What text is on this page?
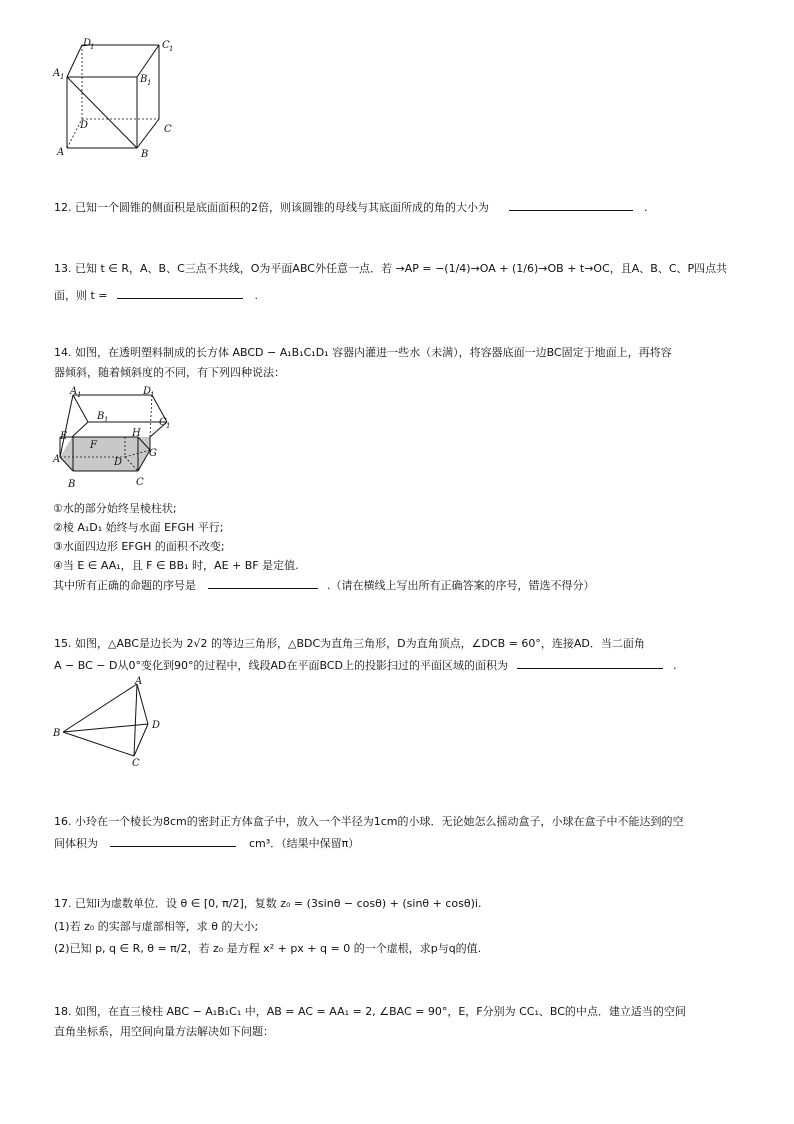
D
1	C 1
A 1	B 1
D	C
A	B
12. 已知一个圆锥的侧面积是底面面积的2倍，则该圆锥的母线与其底面所成的角的大小为	.
13. 已知 t ∈ R，A、B、C三点不共线，O为平面ABC外任意一点．若 →AP = −(1/4)→OA + (1/6)→OB + t→OC，且A、B、C、P四点共
面，则 t =	.
14. 如图，在透明塑料制成的长方体 ABCD − A₁B₁C₁D₁ 容器内灌进一些水（未满），将容器底面一边BC固定于地面上，再将容
器倾斜，随着倾斜度的不同，有下列四种说法：
A 1	D
1
B 1	C 1
E	H
F
G
A	D
B	C
①水的部分始终呈棱柱状;
②棱 A₁D₁ 始终与水面 EFGH 平行;
③水面四边形 EFGH 的面积不改变;
④当 E ∈ AA₁，且 F ∈ BB₁ 时，AE + BF 是定值.
其中所有正确的命题的序号是	.（请在横线上写出所有正确答案的序号，错选不得分）
15. 如图，△ABC是边长为 2√2 的等边三角形，△BDC为直角三角形，D为直角顶点，∠DCB = 60°，连接AD．当二面角
A − BC − D从0°变化到90°的过程中，线段AD在平面BCD上的投影扫过的平面区域的面积为	.
A
B
D
C
16. 小玲在一个棱长为8cm的密封正方体盒子中，放入一个半径为1cm的小球．无论她怎么摇动盒子，小球在盒子中不能达到的空
间体积为	cm³．（结果中保留π）
17. 已知i为虚数单位．设 θ ∈ [0, π/2]，复数 z₀ = (3sinθ − cosθ) + (sinθ + cosθ)i.
(1)若 z₀ 的实部与虚部相等，求 θ 的大小;
(2)已知 p, q ∈ R, θ = π/2，若 z₀ 是方程 x² + px + q = 0 的一个虚根，求p与q的值.
18. 如图，在直三棱柱 ABC − A₁B₁C₁ 中，AB = AC = AA₁ = 2, ∠BAC = 90°，E，F分别为 CC₁、BC的中点．建立适当的空间
直角坐标系，用空间向量方法解决如下问题：
